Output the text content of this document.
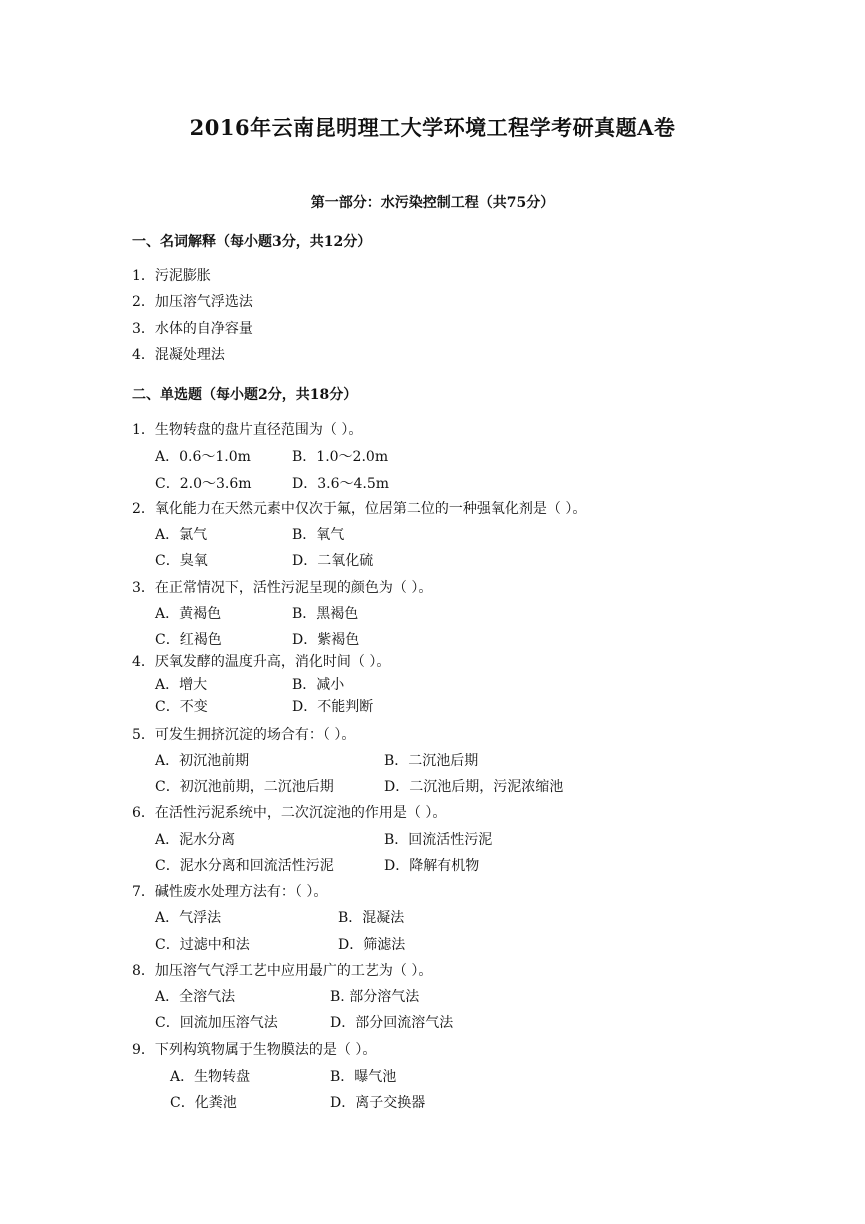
2016年云南昆明理工大学环境工程学考研真题A卷
第一部分：水污染控制工程（共75分）
一、名词解释（每小题3分，共12分）
1．污泥膨胀
2．加压溶气浮选法
3．水体的自净容量
4．混凝处理法
二、单选题（每小题2分，共18分）
1．生物转盘的盘片直径范围为（ ）。
A．0.6～1.0m	B．1.0～2.0m
C．2.0～3.6m	D．3.6～4.5m
2．氧化能力在天然元素中仅次于氟，位居第二位的一种强氧化剂是（ ）。
A．氯气	B．氧气
C．臭氧	D．二氧化硫
3．在正常情况下，活性污泥呈现的颜色为（ ）。
A．黄褐色	B．黑褐色
C．红褐色	D．紫褐色
4．厌氧发酵的温度升高，消化时间（ ）。
A．增大	B．减小
C．不变	D．不能判断
5．可发生拥挤沉淀的场合有：（ ）。
A．初沉池前期	B．二沉池后期
C．初沉池前期，二沉池后期	D．二沉池后期，污泥浓缩池
6．在活性污泥系统中，二次沉淀池的作用是（ ）。
A．泥水分离	B．回流活性污泥
C．泥水分离和回流活性污泥	D．降解有机物
7．碱性废水处理方法有：（ ）。
A．气浮法	B．混凝法
C．过滤中和法	D．筛滤法
8．加压溶气气浮工艺中应用最广的工艺为（ ）。
A．全溶气法	B. 部分溶气法
C．回流加压溶气法	D．部分回流溶气法
9．下列构筑物属于生物膜法的是（ ）。
A．生物转盘	B．曝气池
C．化粪池	D．离子交换器
